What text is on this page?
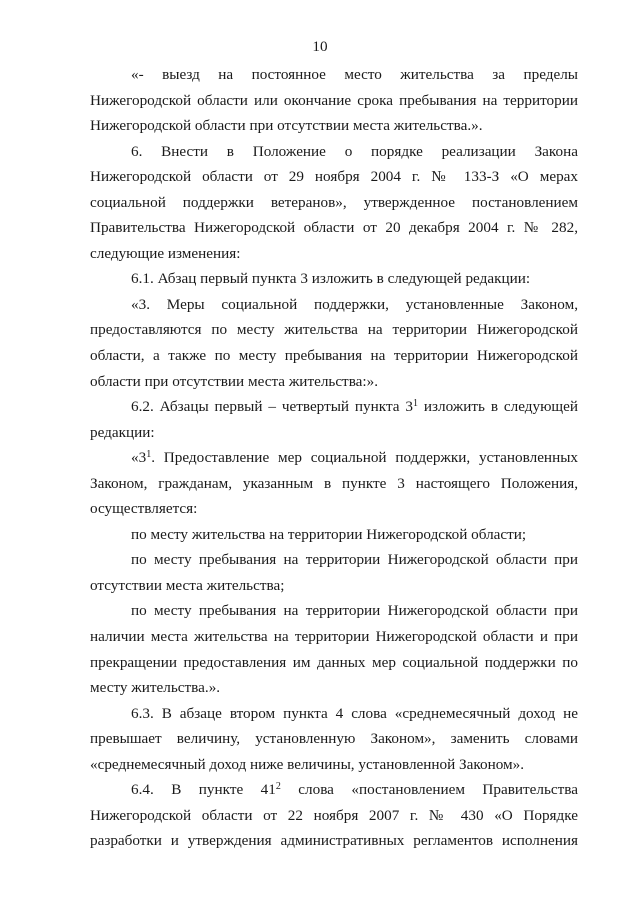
10

«- выезд на постоянное место жительства за пределы Нижегородской области или окончание срока пребывания на территории Нижегородской области при отсутствии места жительства.».

6. Внести в Положение о порядке реализации Закона Нижегородской области от 29 ноября 2004 г. № 133-З «О мерах социальной поддержки ветеранов», утвержденное постановлением Правительства Нижегородской области от 20 декабря 2004 г. № 282, следующие изменения:

6.1. Абзац первый пункта 3 изложить в следующей редакции:

«3. Меры социальной поддержки, установленные Законом, предоставляются по месту жительства на территории Нижегородской области, а также по месту пребывания на территории Нижегородской области при отсутствии места жительства:».

6.2. Абзацы первый – четвертый пункта $3^1$ изложить в следующей редакции:

«$3^1$. Предоставление мер социальной поддержки, установленных Законом, гражданам, указанным в пункте 3 настоящего Положения, осуществляется:

по месту жительства на территории Нижегородской области;

по месту пребывания на территории Нижегородской области при отсутствии места жительства;

по месту пребывания на территории Нижегородской области при наличии места жительства на территории Нижегородской области и при прекращении предоставления им данных мер социальной поддержки по месту жительства.».

6.3. В абзаце втором пункта 4 слова «среднемесячный доход не превышает величину, установленную Законом», заменить словами «среднемесячный доход ниже величины, установленной Законом».

6.4. В пункте $41^2$ слова «постановлением Правительства Нижегородской области от 22 ноября 2007 г. № 430 «О Порядке разработки и утверждения административных регламентов исполнения
